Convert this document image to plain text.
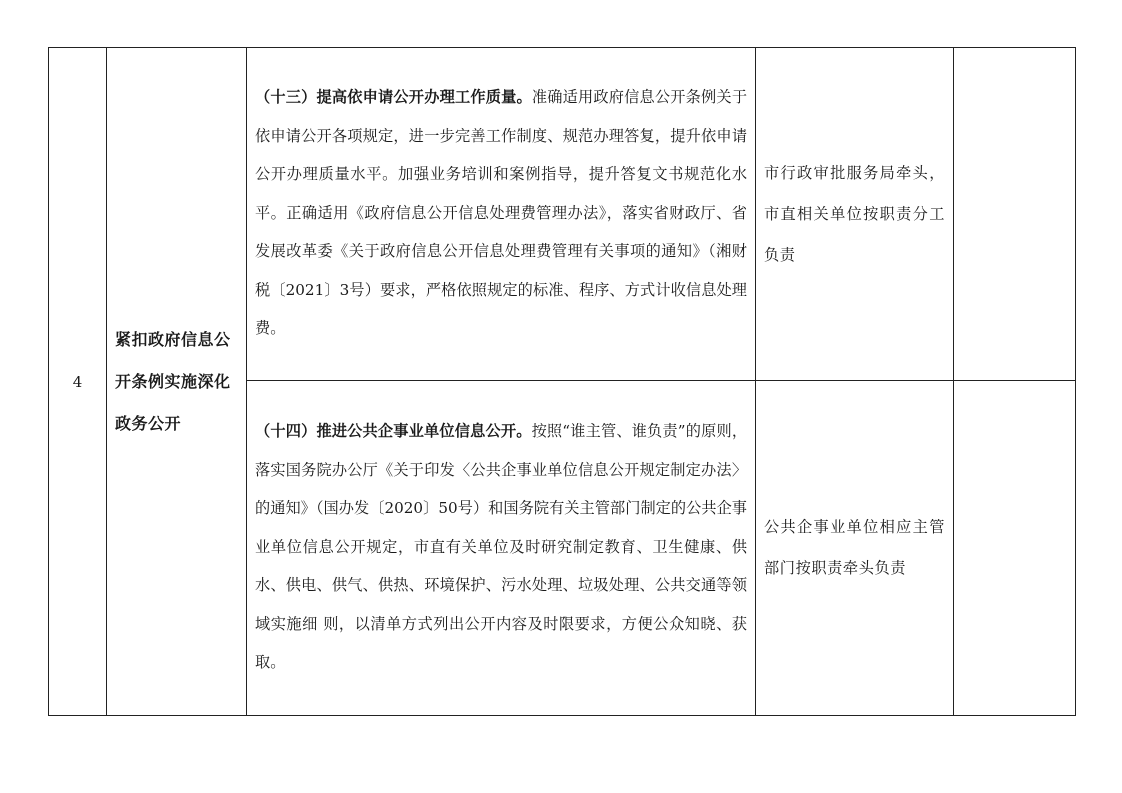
4	紧扣政府信息公开条例实施深化政务公开	（十三）提高依申请公开办理工作质量。准确适用政府信息公开条例关于依申请公开各项规定，进一步完善工作制度、规范办理答复，提升依申请公开办理质量水平。加强业务培训和案例指导，提升答复文书规范化水平。正确适用《政府信息公开信息处理费管理办法》，落实省财政厅、省发展改革委《关于政府信息公开信息处理费管理有关事项的通知》（湘财税〔2021〕3号）要求，严格依照规定的标准、程序、方式计收信息处理费。	市行政审批服务局牵头，市直相关单位按职责分工负责	

		（十四）推进公共企事业单位信息公开。按照“谁主管、谁负责”的原则，落实国务院办公厅《关于印发〈公共企事业单位信息公开规定制定办法〉的通知》（国办发〔2020〕50号）和国务院有关主管部门制定的公共企事业单位信息公开规定，市直有关单位及时研究制定教育、卫生健康、供水、供电、供气、供热、环境保护、污水处理、垃圾处理、公共交通等领域实施细 则，以清单方式列出公开内容及时限要求，方便公众知晓、获取。	公共企事业单位相应主管部门按职责牵头负责	
